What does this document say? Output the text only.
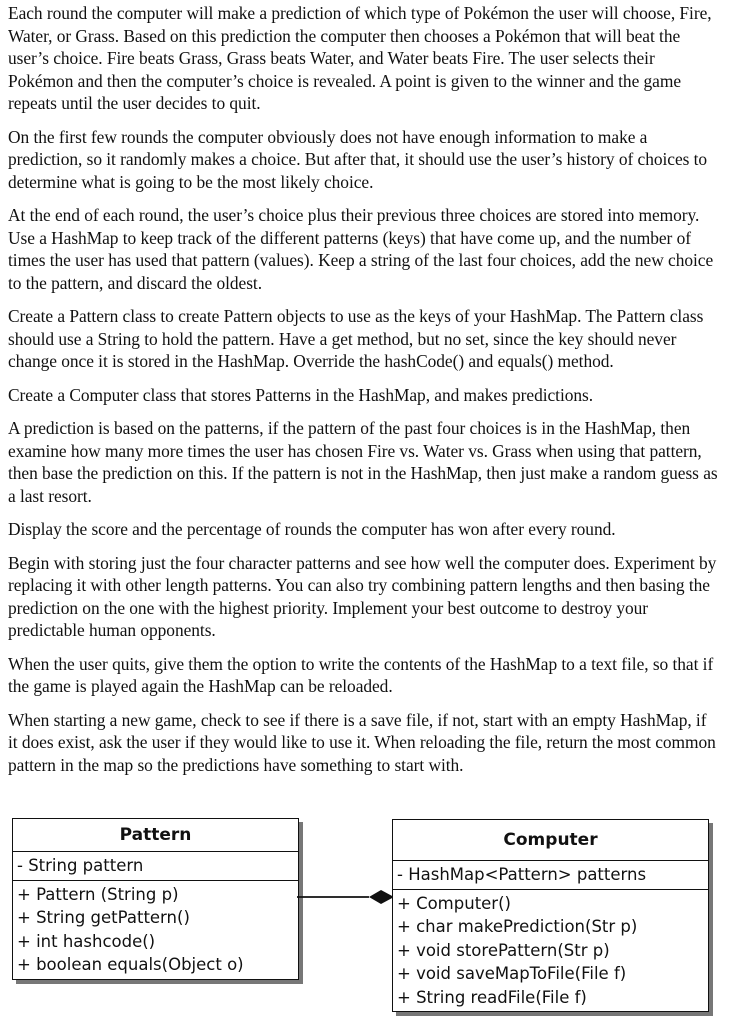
Each round the computer will make a prediction of which type of Pokémon the user will choose, Fire, Water, or Grass. Based on this prediction the computer then chooses a Pokémon that will beat the user’s choice. Fire beats Grass, Grass beats Water, and Water beats Fire. The user selects their Pokémon and then the computer’s choice is revealed. A point is given to the winner and the game repeats until the user decides to quit.

On the first few rounds the computer obviously does not have enough information to make a prediction, so it randomly makes a choice. But after that, it should use the user’s history of choices to determine what is going to be the most likely choice.

At the end of each round, the user’s choice plus their previous three choices are stored into memory. Use a HashMap to keep track of the different patterns (keys) that have come up, and the number of times the user has used that pattern (values). Keep a string of the last four choices, add the new choice to the pattern, and discard the oldest.

Create a Pattern class to create Pattern objects to use as the keys of your HashMap. The Pattern class should use a String to hold the pattern. Have a get method, but no set, since the key should never change once it is stored in the HashMap. Override the hashCode() and equals() method.

Create a Computer class that stores Patterns in the HashMap, and makes predictions.

A prediction is based on the patterns, if the pattern of the past four choices is in the HashMap, then examine how many more times the user has chosen Fire vs. Water vs. Grass when using that pattern, then base the prediction on this. If the pattern is not in the HashMap, then just make a random guess as a last resort.

Display the score and the percentage of rounds the computer has won after every round.

Begin with storing just the four character patterns and see how well the computer does. Experiment by replacing it with other length patterns. You can also try combining pattern lengths and then basing the prediction on the one with the highest priority. Implement your best outcome to destroy your predictable human opponents.

When the user quits, give them the option to write the contents of the HashMap to a text file, so that if the game is played again the HashMap can be reloaded.

When starting a new game, check to see if there is a save file, if not, start with an empty HashMap, if it does exist, ask the user if they would like to use it. When reloading the file, return the most common pattern in the map so the predictions have something to start with.

Pattern
- String pattern
+ Pattern (String p)
+ String getPattern()
+ int hashcode()
+ boolean equals(Object o)
Computer
- HashMap<Pattern> patterns
+ Computer()
+ char makePrediction(Str p)
+ void storePattern(Str p)
+ void saveMapToFile(File f)
+ String readFile(File f)
